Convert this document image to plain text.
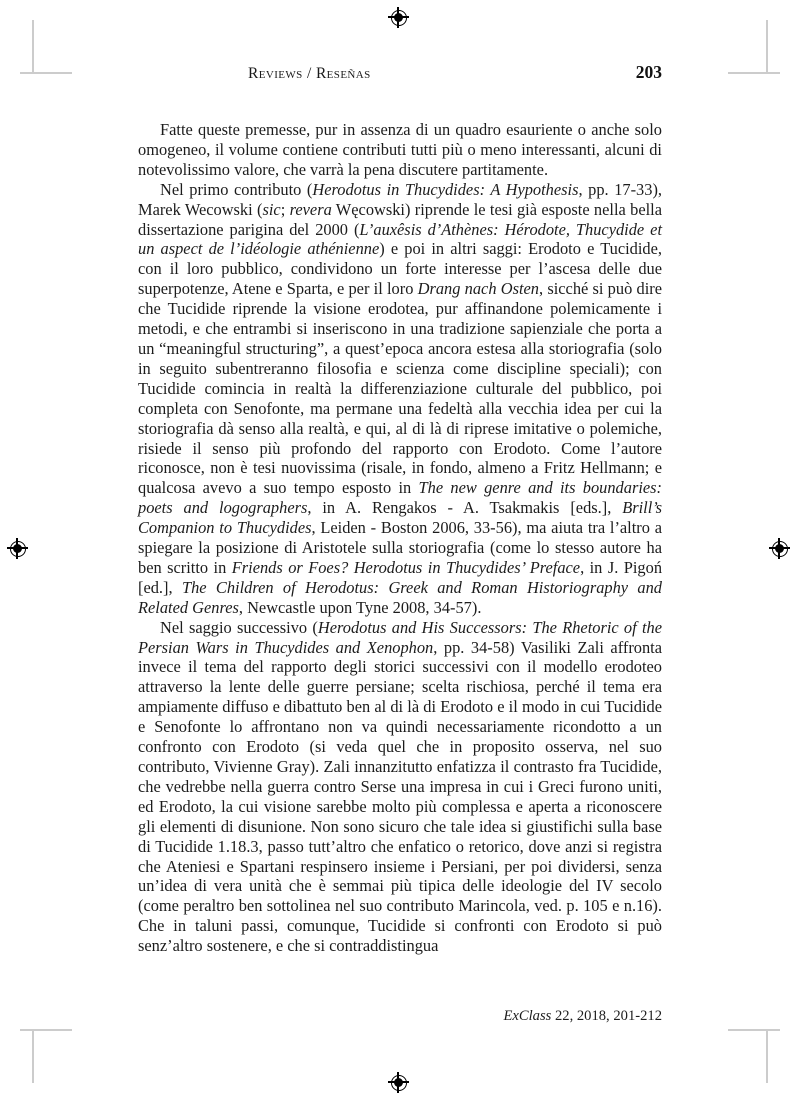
Reviews / Reseñas	203

Fatte queste premesse, pur in assenza di un quadro esauriente o anche solo omogeneo, il volume contiene contributi tutti più o meno interessanti, alcuni di notevolissimo valore, che varrà la pena discutere partitamente.

Nel primo contributo (Herodotus in Thucydides: A Hypothesis, pp. 17-33), Marek Wecowski (sic; revera Węcowski) riprende le tesi già esposte nella bella dissertazione parigina del 2000 (L’auxêsis d’Athènes: Hérodote, Thucydide et un aspect de l’idéologie athénienne) e poi in altri saggi: Erodoto e Tucidide, con il loro pubblico, condividono un forte interesse per l’ascesa delle due superpotenze, Atene e Sparta, e per il loro Drang nach Osten, sicché si può dire che Tucidide riprende la visione erodotea, pur affinandone polemicamente i metodi, e che entrambi si inseriscono in una tradizione sapienziale che porta a un “meaningful structuring”, a quest’epoca ancora estesa alla storiografia (solo in seguito subentreranno filosofia e scienza come discipline speciali); con Tucidide comincia in realtà la differenziazione culturale del pubblico, poi completa con Senofonte, ma permane una fedeltà alla vecchia idea per cui la storiografia dà senso alla realtà, e qui, al di là di riprese imitative o polemiche, risiede il senso più profondo del rapporto con Erodoto. Come l’autore riconosce, non è tesi nuovissima (risale, in fondo, almeno a Fritz Hellmann; e qualcosa avevo a suo tempo esposto in The new genre and its boundaries: poets and logographers, in A. Rengakos - A. Tsakmakis [eds.], Brill’s Companion to Thucydides, Leiden - Boston 2006, 33-56), ma aiuta tra l’altro a spiegare la posizione di Aristotele sulla storiografia (come lo stesso autore ha ben scritto in Friends or Foes? Herodotus in Thucydides’ Preface, in J. Pigoń [ed.], The Children of Herodotus: Greek and Roman Historiography and Related Genres, Newcastle upon Tyne 2008, 34-57).

Nel saggio successivo (Herodotus and His Successors: The Rhetoric of the Persian Wars in Thucydides and Xenophon, pp. 34-58) Vasiliki Zali affronta invece il tema del rapporto degli storici successivi con il modello erodoteo attraverso la lente delle guerre persiane; scelta rischiosa, perché il tema era ampiamente diffuso e dibattuto ben al di là di Erodoto e il modo in cui Tucidide e Senofonte lo affrontano non va quindi necessariamente ricondotto a un confronto con Erodoto (si veda quel che in proposito osserva, nel suo contributo, Vivienne Gray). Zali innanzitutto enfatizza il contrasto fra Tucidide, che vedrebbe nella guerra contro Serse una impresa in cui i Greci furono uniti, ed Erodoto, la cui visione sarebbe molto più complessa e aperta a riconoscere gli elementi di disunione. Non sono sicuro che tale idea si giustifichi sulla base di Tucidide 1.18.3, passo tutt’altro che enfatico o retorico, dove anzi si registra che Ateniesi e Spartani respinsero insieme i Persiani, per poi dividersi, senza un’idea di vera unità che è semmai più tipica delle ideologie del IV secolo (come peraltro ben sottolinea nel suo contributo Marincola, ved. p. 105 e n.16). Che in taluni passi, comunque, Tucidide si confronti con Erodoto si può senz’altro sostenere, e che si contraddistingua

ExClass 22, 2018, 201-212
